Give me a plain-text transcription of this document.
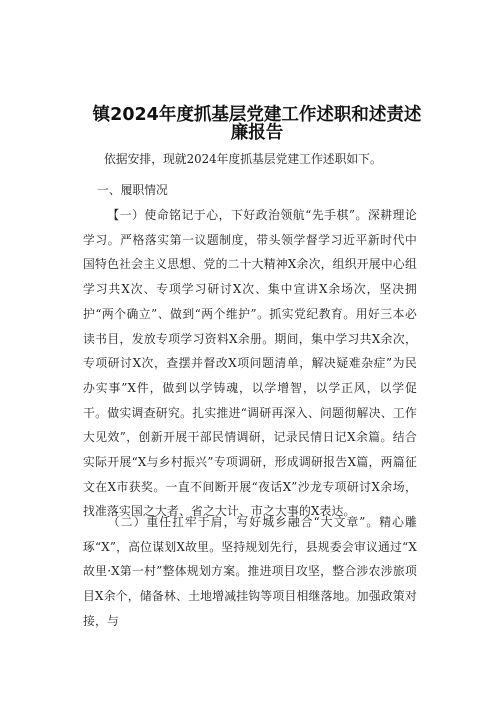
镇2024年度抓基层党建工作述职和述责述廉报告
依据安排，现就2024年度抓基层党建工作述职如下。
一、履职情况
【一）使命铭记于心，下好政治领航“先手棋”。深耕理论学习。严格落实第一议题制度，带头领学督学习近平新时代中国特色社会主义思想、党的二十大精神X余次，组织开展中心组学习共X次、专项学习研讨X次、集中宣讲X余场次，坚决拥护“两个确立”、做到“两个维护”。抓实党纪教育。用好三本必读书目，发放专项学习资料X余册。期间，集中学习共X余次，专项研讨X次，查摆并督改X项问题清单，解决疑难杂症”为民办实事”X件，做到以学铸魂，以学增智，以学正风，以学促干。做实调查研究。扎实推进“调研再深入、问题彻解决、工作大见效”，创新开展干部民情调研，记录民情日记X余篇。结合实际开展“X与乡村振兴”专项调研，形成调研报告X篇，两篇征文在X市获奖。一直不间断开展“夜话X”沙龙专项研讨X余场，找准落实国之大者、省之大计、市之大事的X表达。
（二）重任扛牢于肩，写好城乡融合“大文章”。精心雕琢“X”，高位谋划X故里。坚持规划先行，县规委会审议通过“X故里·X第一村”整体规划方案。推进项目攻坚，整合涉农涉旅项目X余个，储备林、土地增减挂钩等项目相继落地。加强政策对接，与
